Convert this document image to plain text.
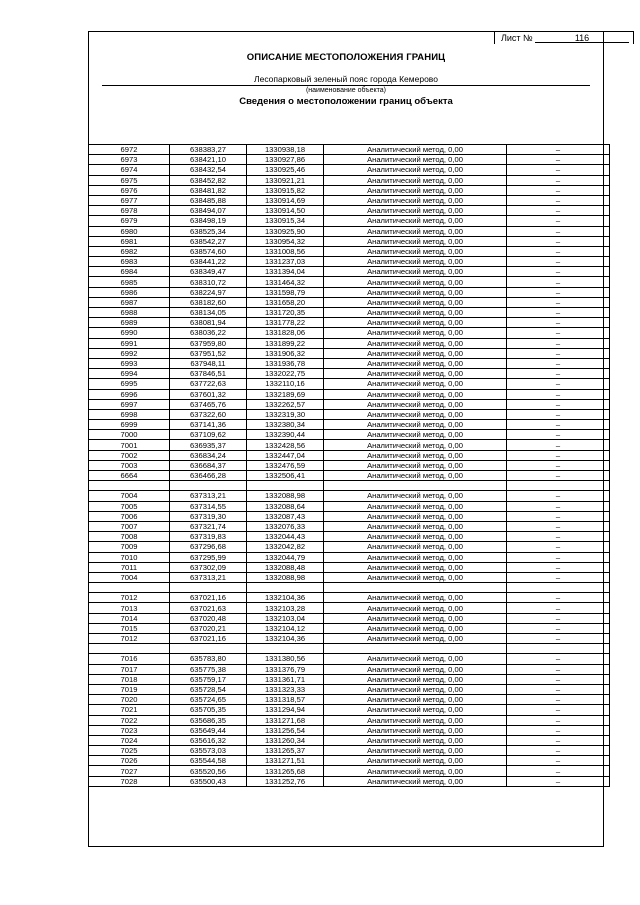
Лист №	116
ОПИСАНИЕ МЕСТОПОЛОЖЕНИЯ ГРАНИЦ
Лесопарковый зеленый пояс города Кемерово
(наименование объекта)
Сведения о местоположении границ объекта
6972	638383,27	1330938,18	Аналитический метод, 0,00	–
6973	638421,10	1330927,86	Аналитический метод, 0,00	–
6974	638432,54	1330925,46	Аналитический метод, 0,00	–
6975	638452,82	1330921,21	Аналитический метод, 0,00	–
6976	638481,82	1330915,82	Аналитический метод, 0,00	–
6977	638485,88	1330914,69	Аналитический метод, 0,00	–
6978	638494,07	1330914,50	Аналитический метод, 0,00	–
6979	638498,19	1330915,34	Аналитический метод, 0,00	–
6980	638525,34	1330925,90	Аналитический метод, 0,00	–
6981	638542,27	1330954,32	Аналитический метод, 0,00	–
6982	638574,60	1331008,56	Аналитический метод, 0,00	–
6983	638441,22	1331237,03	Аналитический метод, 0,00	–
6984	638349,47	1331394,04	Аналитический метод, 0,00	–
6985	638310,72	1331464,32	Аналитический метод, 0,00	–
6986	638224,97	1331598,79	Аналитический метод, 0,00	–
6987	638182,60	1331658,20	Аналитический метод, 0,00	–
6988	638134,05	1331720,35	Аналитический метод, 0,00	–
6989	638081,94	1331778,22	Аналитический метод, 0,00	–
6990	638036,22	1331828,06	Аналитический метод, 0,00	–
6991	637959,80	1331899,22	Аналитический метод, 0,00	–
6992	637951,52	1331906,32	Аналитический метод, 0,00	–
6993	637948,11	1331936,78	Аналитический метод, 0,00	–
6994	637846,51	1332022,75	Аналитический метод, 0,00	–
6995	637722,63	1332110,16	Аналитический метод, 0,00	–
6996	637601,32	1332189,69	Аналитический метод, 0,00	–
6997	637465,76	1332262,57	Аналитический метод, 0,00	–
6998	637322,60	1332319,30	Аналитический метод, 0,00	–
6999	637141,36	1332380,34	Аналитический метод, 0,00	–
7000	637109,62	1332390,44	Аналитический метод, 0,00	–
7001	636935,37	1332428,56	Аналитический метод, 0,00	–
7002	636834,24	1332447,04	Аналитический метод, 0,00	–
7003	636684,37	1332476,59	Аналитический метод, 0,00	–
6664	636466,28	1332506,41	Аналитический метод, 0,00	–

7004	637313,21	1332088,98	Аналитический метод, 0,00	–
7005	637314,55	1332088,64	Аналитический метод, 0,00	–
7006	637319,30	1332087,43	Аналитический метод, 0,00	–
7007	637321,74	1332076,33	Аналитический метод, 0,00	–
7008	637319,83	1332044,43	Аналитический метод, 0,00	–
7009	637296,68	1332042,82	Аналитический метод, 0,00	–
7010	637295,99	1332044,79	Аналитический метод, 0,00	–
7011	637302,09	1332088,48	Аналитический метод, 0,00	–
7004	637313,21	1332088,98	Аналитический метод, 0,00	–

7012	637021,16	1332104,36	Аналитический метод, 0,00	–
7013	637021,63	1332103,28	Аналитический метод, 0,00	–
7014	637020,48	1332103,04	Аналитический метод, 0,00	–
7015	637020,21	1332104,12	Аналитический метод, 0,00	–
7012	637021,16	1332104,36	Аналитический метод, 0,00	–

7016	635783,80	1331380,56	Аналитический метод, 0,00	–
7017	635775,38	1331376,79	Аналитический метод, 0,00	–
7018	635759,17	1331361,71	Аналитический метод, 0,00	–
7019	635728,54	1331323,33	Аналитический метод, 0,00	–
7020	635724,65	1331318,57	Аналитический метод, 0,00	–
7021	635705,35	1331294,94	Аналитический метод, 0,00	–
7022	635686,35	1331271,68	Аналитический метод, 0,00	–
7023	635649,44	1331256,54	Аналитический метод, 0,00	–
7024	635616,32	1331260,34	Аналитический метод, 0,00	–
7025	635573,03	1331265,37	Аналитический метод, 0,00	–
7026	635544,58	1331271,51	Аналитический метод, 0,00	–
7027	635520,56	1331265,68	Аналитический метод, 0,00	–
7028	635500,43	1331252,76	Аналитический метод, 0,00	–
